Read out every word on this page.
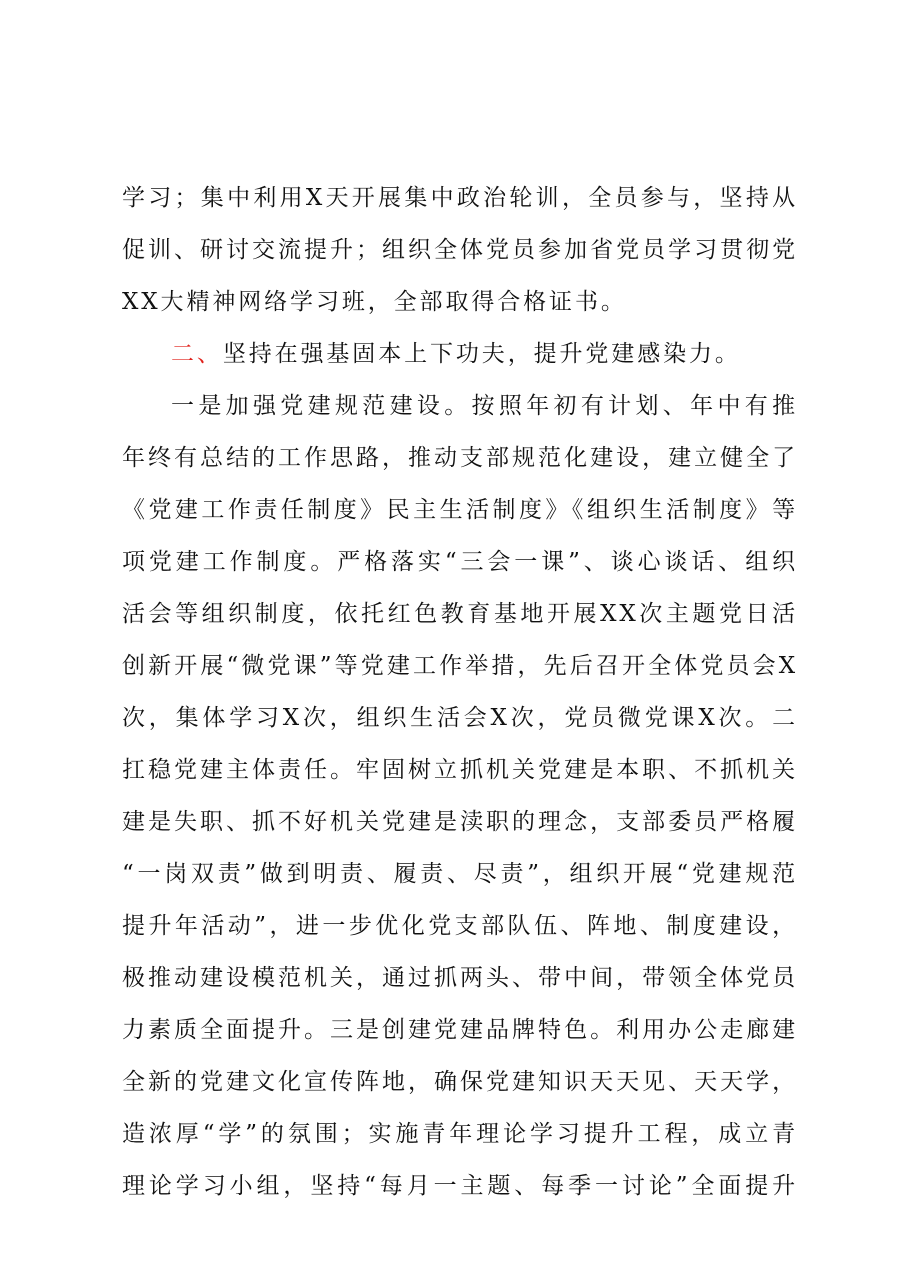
学习；集中利用X天开展集中政治轮训，全员参与，坚持从
促训、研讨交流提升；组织全体党员参加省党员学习贯彻党
XX大精神网络学习班，全部取得合格证书。
二、坚持在强基固本上下功夫，提升党建感染力。
一是加强党建规范建设。按照年初有计划、年中有推
年终有总结的工作思路，推动支部规范化建设，建立健全了
《党建工作责任制度》民主生活制度》《组织生活制度》等
项党建工作制度。严格落实“三会一课”、谈心谈话、组织
活会等组织制度，依托红色教育基地开展XX次主题党日活
创新开展“微党课”等党建工作举措，先后召开全体党员会X
次，集体学习X次，组织生活会X次，党员微党课X次。二
扛稳党建主体责任。牢固树立抓机关党建是本职、不抓机关
建是失职、抓不好机关党建是渎职的理念，支部委员严格履
“一岗双责”做到明责、履责、尽责”，组织开展“党建规范
提升年活动”，进一步优化党支部队伍、阵地、制度建设，
极推动建设模范机关，通过抓两头、带中间，带领全体党员
力素质全面提升。三是创建党建品牌特色。利用办公走廊建
全新的党建文化宣传阵地，确保党建知识天天见、天天学，
造浓厚“学”的氛围；实施青年理论学习提升工程，成立青
理论学习小组，坚持“每月一主题、每季一讨论”全面提升
